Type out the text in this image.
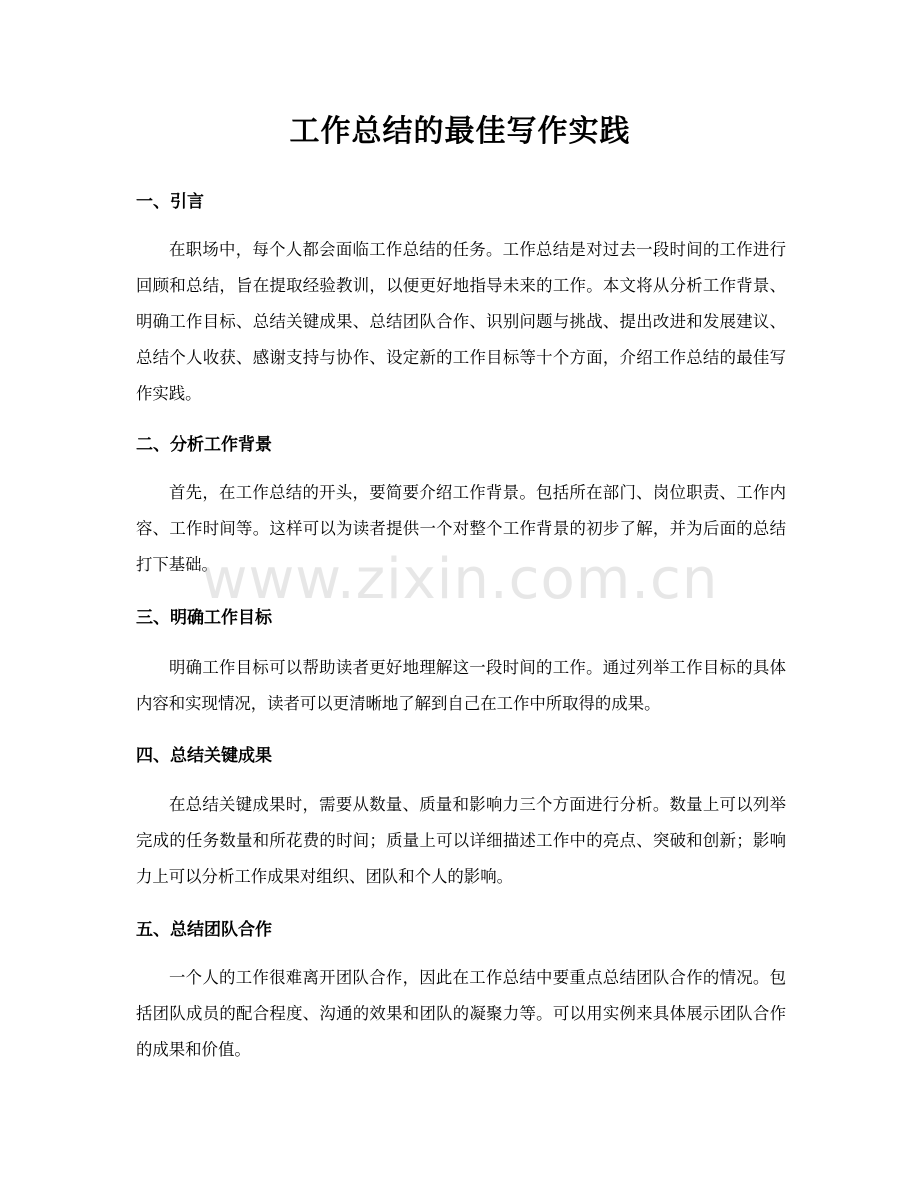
工作总结的最佳写作实践
一、引言

在职场中，每个人都会面临工作总结的任务。工作总结是对过去一段时间的工作进行回顾和总结，旨在提取经验教训，以便更好地指导未来的工作。本文将从分析工作背景、明确工作目标、总结关键成果、总结团队合作、识别问题与挑战、提出改进和发展建议、总结个人收获、感谢支持与协作、设定新的工作目标等十个方面，介绍工作总结的最佳写作实践。

二、分析工作背景

首先，在工作总结的开头，要简要介绍工作背景。包括所在部门、岗位职责、工作内容、工作时间等。这样可以为读者提供一个对整个工作背景的初步了解，并为后面的总结打下基础。

三、明确工作目标

明确工作目标可以帮助读者更好地理解这一段时间的工作。通过列举工作目标的具体内容和实现情况，读者可以更清晰地了解到自己在工作中所取得的成果。

四、总结关键成果

在总结关键成果时，需要从数量、质量和影响力三个方面进行分析。数量上可以列举完成的任务数量和所花费的时间；质量上可以详细描述工作中的亮点、突破和创新；影响力上可以分析工作成果对组织、团队和个人的影响。

五、总结团队合作

一个人的工作很难离开团队合作，因此在工作总结中要重点总结团队合作的情况。包括团队成员的配合程度、沟通的效果和团队的凝聚力等。可以用实例来具体展示团队合作的成果和价值。

www.zixin.com.cn
